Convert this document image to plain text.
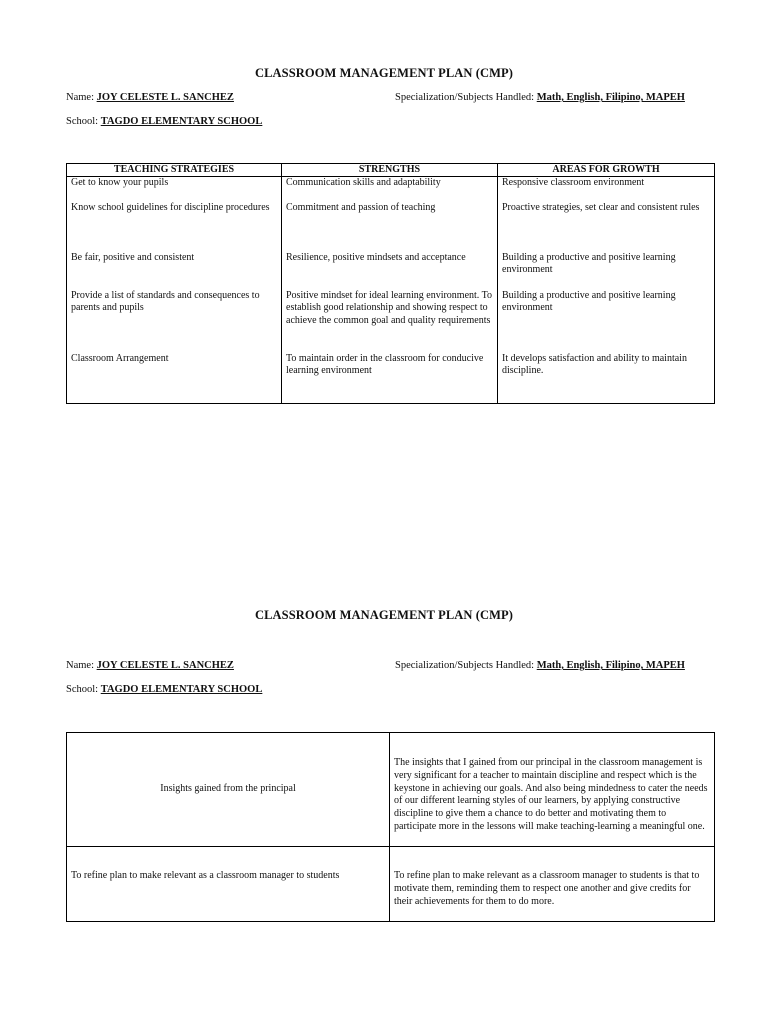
CLASSROOM MANAGEMENT PLAN (CMP)
Name: JOY CELESTE L. SANCHEZ	Specialization/Subjects Handled: Math, English, Filipino, MAPEH
School: TAGDO ELEMENTARY SCHOOL
TEACHING STRATEGIES	STRENGTHS	AREAS FOR GROWTH
Get to know your pupils	Communication skills and adaptability	Responsive classroom environment
Know school guidelines for discipline procedures	Commitment and passion of teaching	Proactive strategies, set clear and consistent rules
Be fair, positive and consistent	Resilience, positive mindsets and acceptance	Building a productive and positive learning environment
Provide a list of standards and consequences to parents and pupils	Positive mindset for ideal learning environment. To establish good relationship and showing respect to achieve the common goal and quality requirements	Building a productive and positive learning environment
Classroom Arrangement	To maintain order in the classroom for conducive learning environment	It develops satisfaction and ability to maintain discipline.
CLASSROOM MANAGEMENT PLAN (CMP)
Name: JOY CELESTE L. SANCHEZ	Specialization/Subjects Handled: Math, English, Filipino, MAPEH
School: TAGDO ELEMENTARY SCHOOL
Insights gained from the principal	The insights that I gained from our principal in the classroom management is very significant for a teacher to maintain discipline and respect which is the keystone in achieving our goals. And also being mindedness to cater the needs of our different learning styles of our learners, by applying constructive discipline to give them a chance to do better and motivating them to participate more in the lessons will make teaching-learning a meaningful one.
To refine plan to make relevant as a classroom manager to students	To refine plan to make relevant as a classroom manager to students is that to motivate them, reminding them to respect one another and give credits for their achievements for them to do more.
